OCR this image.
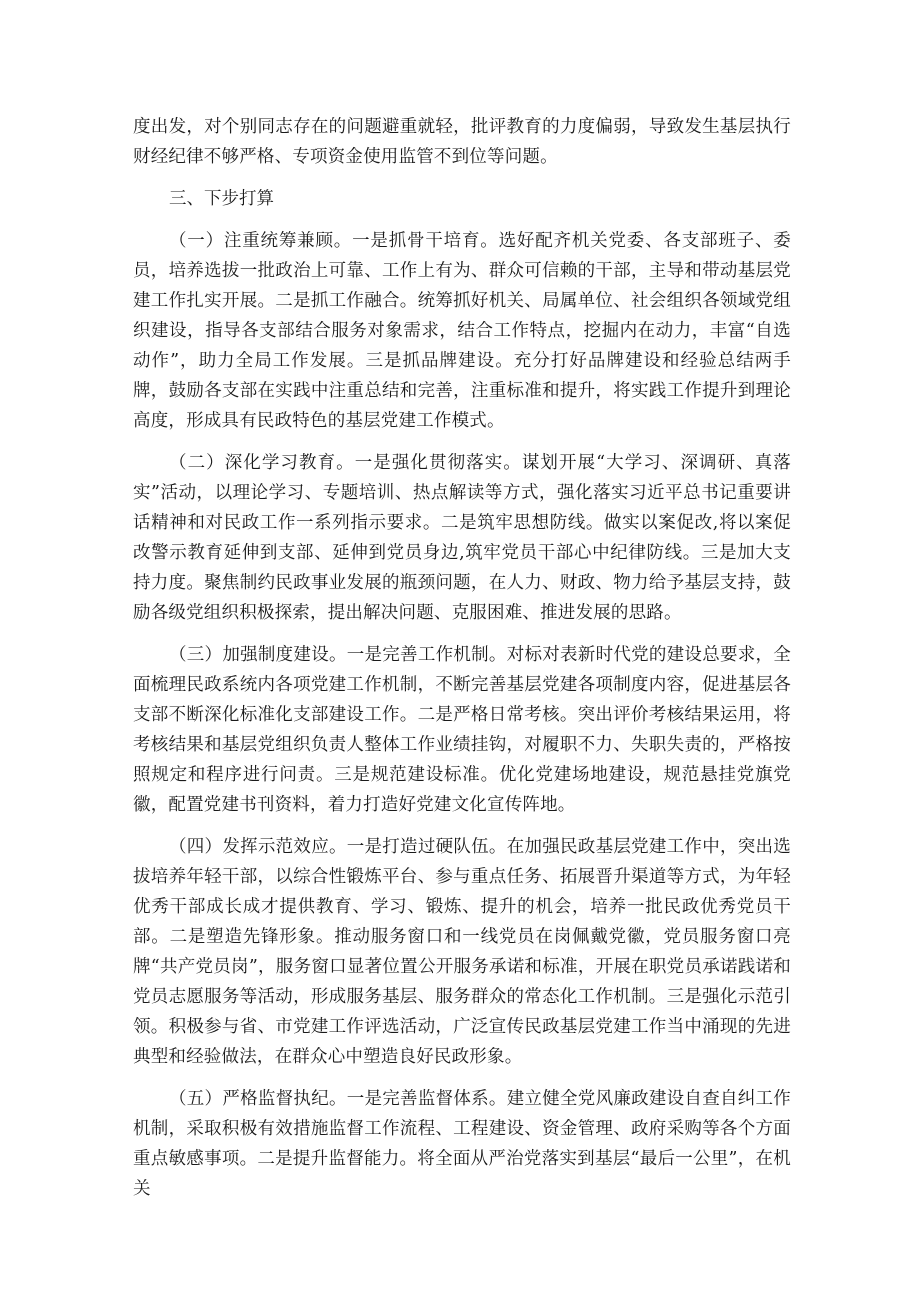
度出发，对个别同志存在的问题避重就轻，批评教育的力度偏弱，导致发生基层执行财经纪律不够严格、专项资金使用监管不到位等问题。

三、下步打算

（一）注重统筹兼顾。一是抓骨干培育。选好配齐机关党委、各支部班子、委员，培养选拔一批政治上可靠、工作上有为、群众可信赖的干部，主导和带动基层党建工作扎实开展。二是抓工作融合。统筹抓好机关、局属单位、社会组织各领域党组织建设，指导各支部结合服务对象需求，结合工作特点，挖掘内在动力，丰富“自选动作”，助力全局工作发展。三是抓品牌建设。充分打好品牌建设和经验总结两手牌，鼓励各支部在实践中注重总结和完善，注重标准和提升，将实践工作提升到理论高度，形成具有民政特色的基层党建工作模式。

（二）深化学习教育。一是强化贯彻落实。谋划开展“大学习、深调研、真落实”活动，以理论学习、专题培训、热点解读等方式，强化落实习近平总书记重要讲话精神和对民政工作一系列指示要求。二是筑牢思想防线。做实以案促改,将以案促改警示教育延伸到支部、延伸到党员身边,筑牢党员干部心中纪律防线。三是加大支持力度。聚焦制约民政事业发展的瓶颈问题，在人力、财政、物力给予基层支持，鼓励各级党组织积极探索，提出解决问题、克服困难、推进发展的思路。

（三）加强制度建设。一是完善工作机制。对标对表新时代党的建设总要求，全面梳理民政系统内各项党建工作机制，不断完善基层党建各项制度内容，促进基层各支部不断深化标准化支部建设工作。二是严格日常考核。突出评价考核结果运用，将考核结果和基层党组织负责人整体工作业绩挂钩，对履职不力、失职失责的，严格按照规定和程序进行问责。三是规范建设标准。优化党建场地建设，规范悬挂党旗党徽，配置党建书刊资料，着力打造好党建文化宣传阵地。

（四）发挥示范效应。一是打造过硬队伍。在加强民政基层党建工作中，突出选拔培养年轻干部，以综合性锻炼平台、参与重点任务、拓展晋升渠道等方式，为年轻优秀干部成长成才提供教育、学习、锻炼、提升的机会，培养一批民政优秀党员干部。二是塑造先锋形象。推动服务窗口和一线党员在岗佩戴党徽，党员服务窗口亮牌“共产党员岗”，服务窗口显著位置公开服务承诺和标准，开展在职党员承诺践诺和党员志愿服务等活动，形成服务基层、服务群众的常态化工作机制。三是强化示范引领。积极参与省、市党建工作评选活动，广泛宣传民政基层党建工作当中涌现的先进典型和经验做法，在群众心中塑造良好民政形象。

（五）严格监督执纪。一是完善监督体系。建立健全党风廉政建设自查自纠工作机制，采取积极有效措施监督工作流程、工程建设、资金管理、政府采购等各个方面重点敏感事项。二是提升监督能力。将全面从严治党落实到基层“最后一公里”，在机关
